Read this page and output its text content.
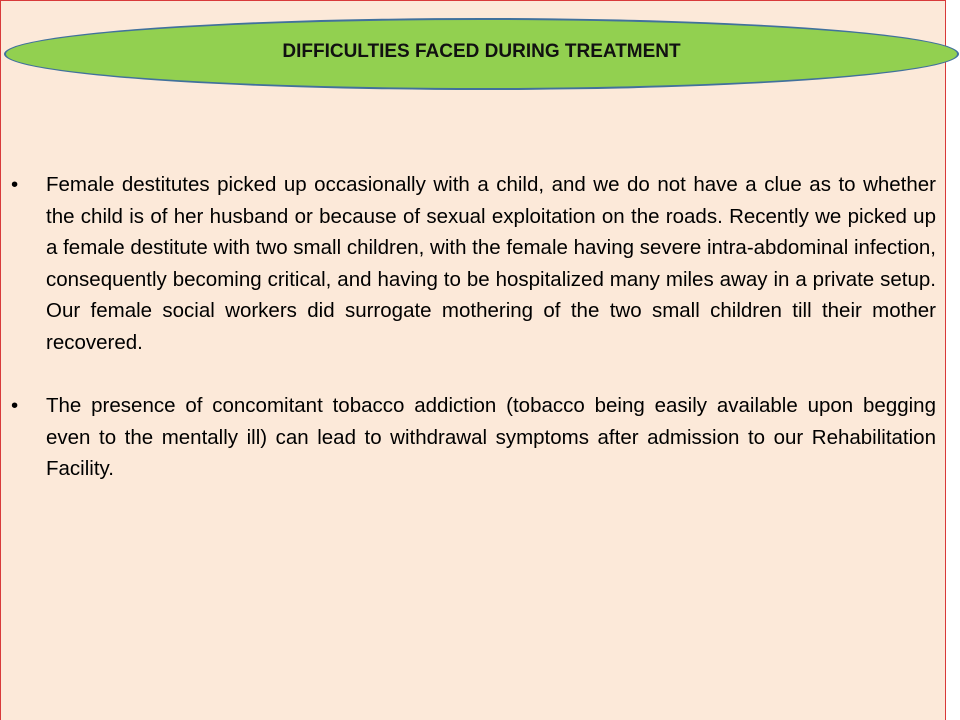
DIFFICULTIES FACED DURING TREATMENT

•	Female destitutes picked up occasionally with a child, and we do not have a clue as to whether the child is of her husband or because of sexual exploitation on the roads. Recently we picked up a female destitute with two small children, with the female having severe intra-abdominal infection, consequently becoming critical, and having to be hospitalized many miles away in a private setup. Our female social workers did surrogate mothering of the two small children till their mother recovered.

•	The presence of concomitant tobacco addiction (tobacco being easily available upon begging even to the mentally ill) can lead to withdrawal symptoms after admission to our Rehabilitation Facility.
